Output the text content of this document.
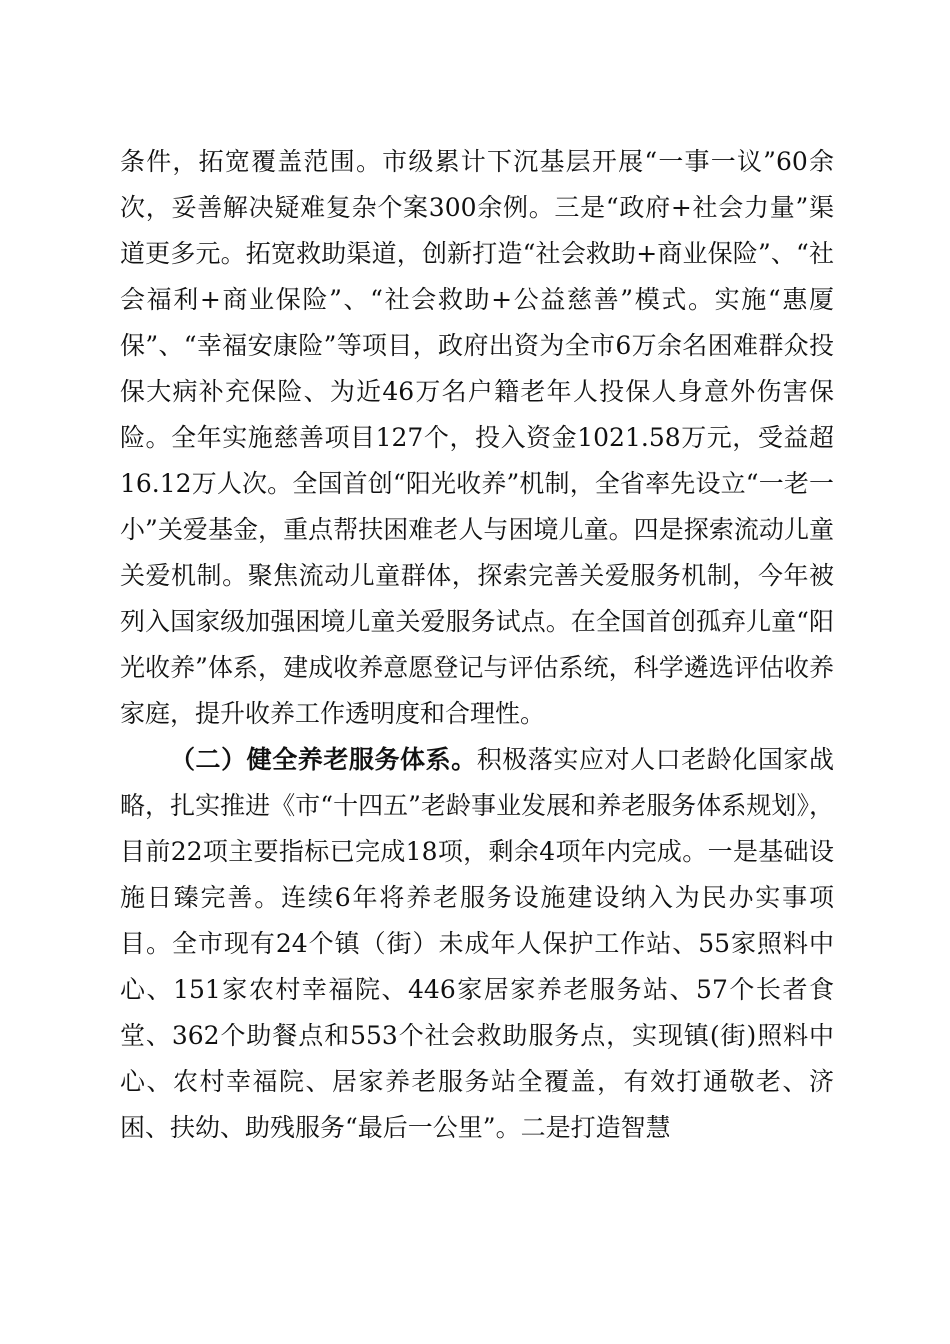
条件，拓宽覆盖范围。市级累计下沉基层开展“一事一议”60余次，妥善解决疑难复杂个案300余例。三是“政府+社会力量”渠道更多元。拓宽救助渠道，创新打造“社会救助+商业保险”、“社会福利+商业保险”、“社会救助+公益慈善”模式。实施“惠厦保”、“幸福安康险”等项目，政府出资为全市6万余名困难群众投保大病补充保险、为近46万名户籍老年人投保人身意外伤害保险。全年实施慈善项目127个，投入资金1021.58万元，受益超16.12万人次。全国首创“阳光收养”机制，全省率先设立“一老一小”关爱基金，重点帮扶困难老人与困境儿童。四是探索流动儿童关爱机制。聚焦流动儿童群体，探索完善关爱服务机制，今年被列入国家级加强困境儿童关爱服务试点。在全国首创孤弃儿童“阳光收养”体系，建成收养意愿登记与评估系统，科学遴选评估收养家庭，提升收养工作透明度和合理性。

（二）健全养老服务体系。积极落实应对人口老龄化国家战略，扎实推进《市“十四五”老龄事业发展和养老服务体系规划》，目前22项主要指标已完成18项，剩余4项年内完成。一是基础设施日臻完善。连续6年将养老服务设施建设纳入为民办实事项目。全市现有24个镇（街）未成年人保护工作站、55家照料中心、151家农村幸福院、446家居家养老服务站、57个长者食堂、362个助餐点和553个社会救助服务点，实现镇(街)照料中心、农村幸福院、居家养老服务站全覆盖，有效打通敬老、济困、扶幼、助残服务“最后一公里”。二是打造智慧
